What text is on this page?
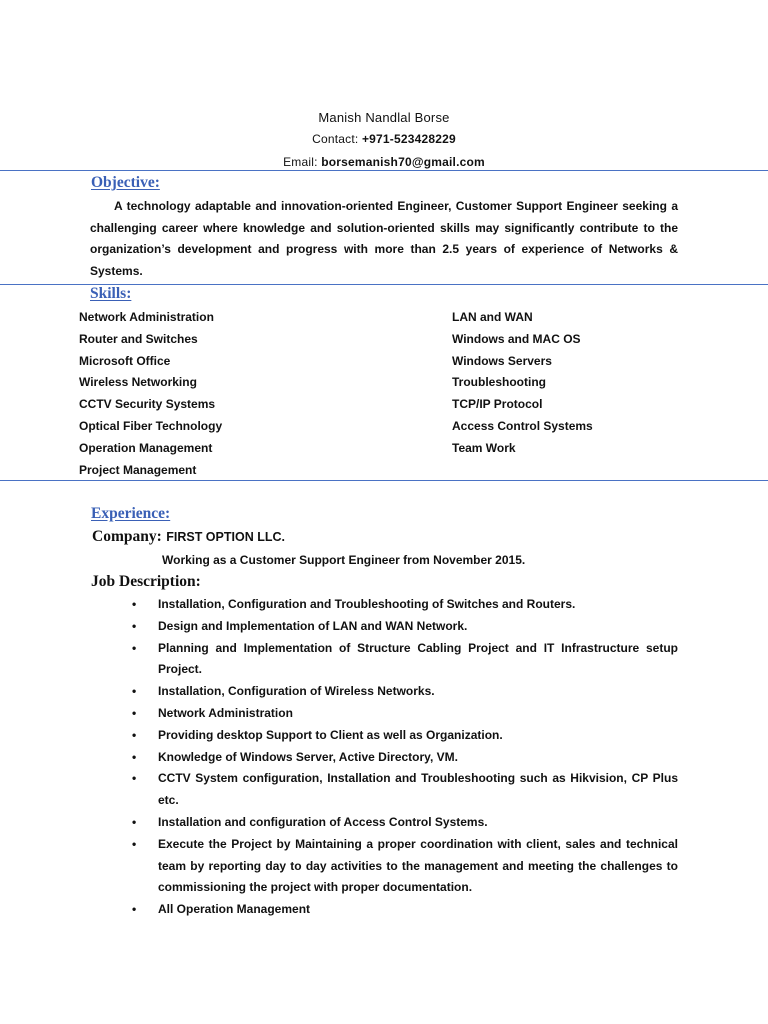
Manish Nandlal Borse
Contact: +971-523428229
Email: borsemanish70@gmail.com
Objective:
A technology adaptable and innovation-oriented Engineer, Customer Support Engineer seeking a challenging career where knowledge and solution-oriented skills may significantly contribute to the organization’s development and progress with more than 2.5 years of experience of Networks & Systems.
Skills:
Network Administration
Router and Switches
Microsoft Office
Wireless Networking
CCTV Security Systems
Optical Fiber Technology
Operation Management
Project Management
LAN and WAN
Windows and MAC OS
Windows Servers
Troubleshooting
TCP/IP Protocol
Access Control Systems
Team Work
Experience:
Company: FIRST OPTION LLC.
Working as a Customer Support Engineer from November 2015.
Job Description:
• Installation, Configuration and Troubleshooting of Switches and Routers.
• Design and Implementation of LAN and WAN Network.
• Planning and Implementation of Structure Cabling Project and IT Infrastructure setup Project.
• Installation, Configuration of Wireless Networks.
• Network Administration
• Providing desktop Support to Client as well as Organization.
• Knowledge of Windows Server, Active Directory, VM.
• CCTV System configuration, Installation and Troubleshooting such as Hikvision, CP Plus etc.
• Installation and configuration of Access Control Systems.
• Execute the Project by Maintaining a proper coordination with client, sales and technical team by reporting day to day activities to the management and meeting the challenges to commissioning the project with proper documentation.
• All Operation Management
